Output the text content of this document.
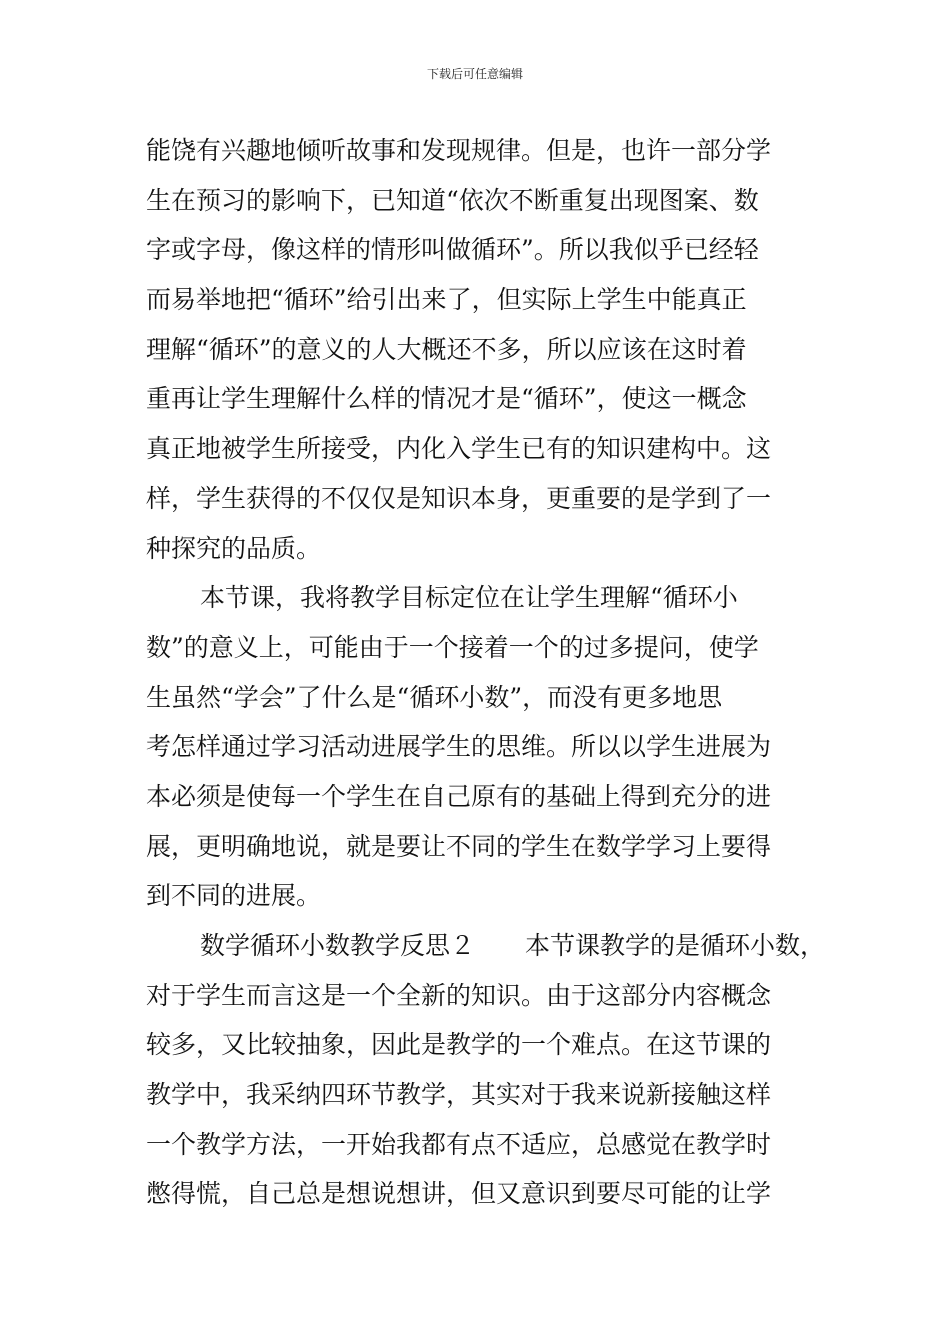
下载后可任意编辑
能饶有兴趣地倾听故事和发现规律。但是，也许一部分学
生在预习的影响下，已知道“依次不断重复出现图案、数
字或字母，像这样的情形叫做循环”。所以我似乎已经轻
而易举地把“循环”给引出来了，但实际上学生中能真正
理解“循环”的意义的人大概还不多，所以应该在这时着
重再让学生理解什么样的情况才是“循环”，使这一概念
真正地被学生所接受，内化入学生已有的知识建构中。这
样，学生获得的不仅仅是知识本身，更重要的是学到了一
种探究的品质。
本节课，我将教学目标定位在让学生理解“循环小
数”的意义上，可能由于一个接着一个的过多提问，使学
生虽然“学会”了什么是“循环小数”，而没有更多地思
考怎样通过学习活动进展学生的思维。所以以学生进展为
本必须是使每一个学生在自己原有的基础上得到充分的进
展，更明确地说，就是要让不同的学生在数学学习上要得
到不同的进展。
数学循环小数教学反思２　　本节课教学的是循环小数，
对于学生而言这是一个全新的知识。由于这部分内容概念
较多，又比较抽象，因此是教学的一个难点。在这节课的
教学中，我采纳四环节教学，其实对于我来说新接触这样
一个教学方法，一开始我都有点不适应，总感觉在教学时
憋得慌，自己总是想说想讲，但又意识到要尽可能的让学
